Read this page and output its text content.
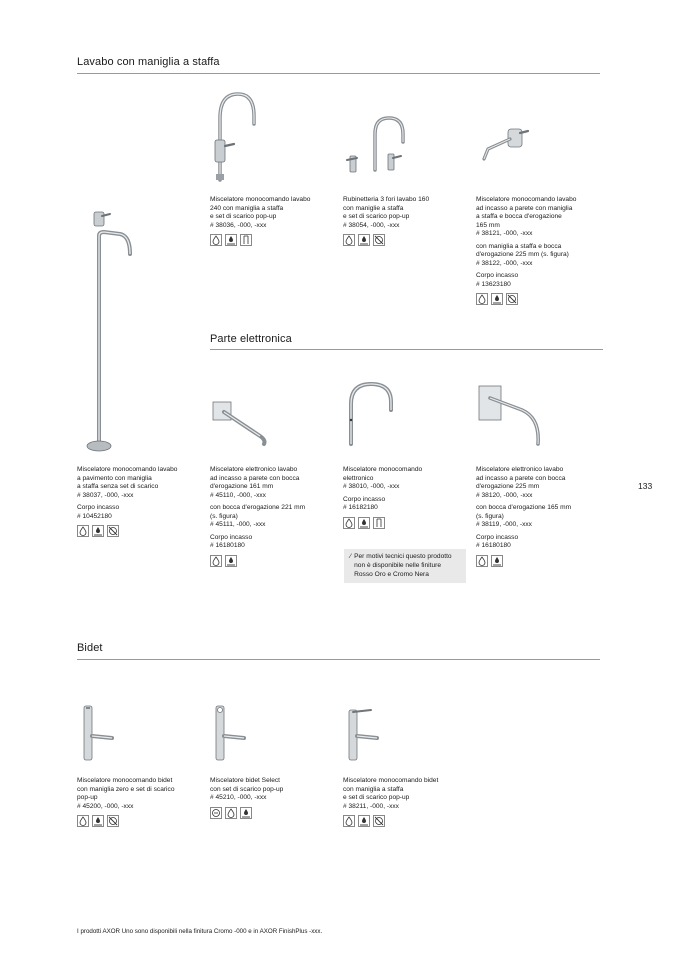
Lavabo con maniglia a staffa

Miscelatore monocomando lavabo

240 con maniglia a staffa

e set di scarico pop-up

# 38036, -000, -xxx

Rubinetteria 3 fori lavabo 160

con maniglie a staffa

e set di scarico pop-up

# 38054, -000, -xxx

Miscelatore monocomando lavabo

ad incasso a parete con maniglia

a staffa e bocca d'erogazione

165 mm

# 38121, -000, -xxx

con maniglia a staffa e bocca

d'erogazione 225 mm (s. figura)

# 38122, -000, -xxx

Corpo incasso

# 13623180

Parte elettronica

Miscelatore monocomando lavabo

a pavimento con maniglia

a staffa senza set di scarico

# 38037, -000, -xxx

Corpo incasso

# 10452180

Miscelatore elettronico lavabo

ad incasso a parete con bocca

d'erogazione 161 mm

# 45110, -000, -xxx

con bocca d'erogazione 221 mm

(s. figura)

# 45111, -000, -xxx

Corpo incasso

# 16180180

Miscelatore monocomando

elettronico

# 38010, -000, -xxx

Corpo incasso

# 16182180

⁄ Per motivi tecnici questo prodotto
non è disponibile nelle finiture
Rosso Oro e Cromo Nera

Miscelatore elettronico lavabo

ad incasso a parete con bocca

d'erogazione 225 mm

# 38120, -000, -xxx

con bocca d'erogazione 165 mm

(s. figura)

# 38119, -000, -xxx

Corpo incasso

# 16180180

133
Bidet

Miscelatore monocomando bidet

con maniglia zero e set di scarico

pop-up

# 45200, -000, -xxx

Miscelatore bidet Select

con set di scarico pop-up

# 45210, -000, -xxx

Miscelatore monocomando bidet

con maniglia a staffa

e set di scarico pop-up

# 38211, -000, -xxx

I prodotti AXOR Uno sono disponibili nella finitura Cromo -000 e in AXOR FinishPlus -xxx.
